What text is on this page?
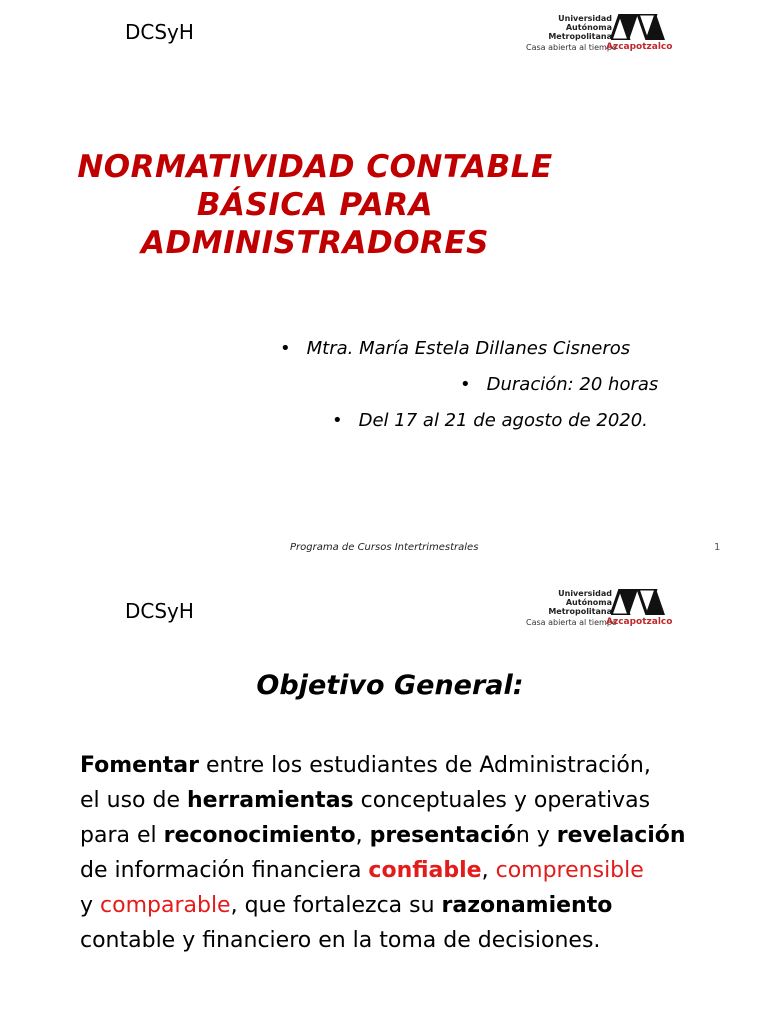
DCSyH
Universidad
Autónoma
Metropolitana
Casa abierta al tiempo
Azcapotzalco
NORMATIVIDAD CONTABLE
BÁSICA PARA
ADMINISTRADORES
• Mtra. María Estela Dillanes Cisneros
• Duración: 20 horas
• Del 17 al 21 de agosto de 2020.
Programa de Cursos Intertrimestrales	1
DCSyH
Universidad
Autónoma
Metropolitana
Casa abierta al tiempo
Azcapotzalco
Objetivo General:
Fomentar entre los estudiantes de Administración,
el uso de herramientas conceptuales y operativas
para el reconocimiento, presentación y revelación
de información financiera confiable, comprensible
y comparable, que fortalezca su razonamiento
contable y financiero en la toma de decisiones.
